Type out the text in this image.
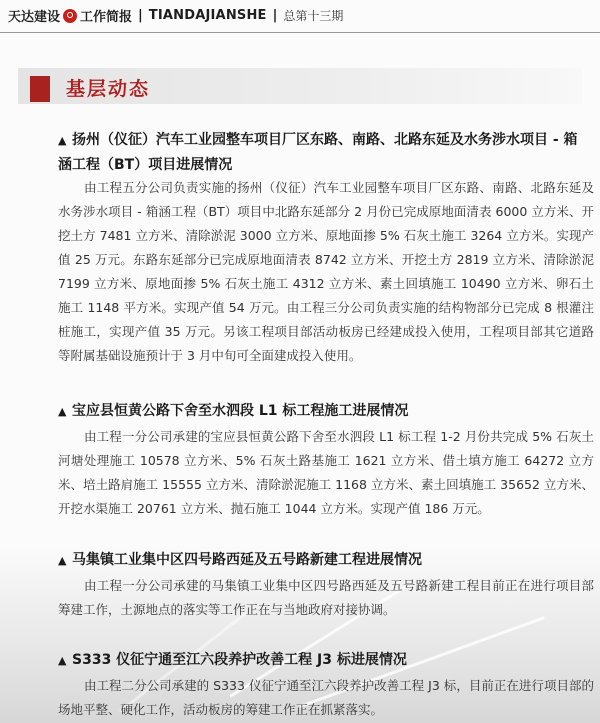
天达建设 工作简报 | TIANDAJIANSHE | 总第十三期
基层动态
▲ 扬州（仪征）汽车工业园整车项目厂区东路、南路、北路东延及水务涉水项目 - 箱涵工程（BT）项目进展情况
由工程五分公司负责实施的扬州（仪征）汽车工业园整车项目厂区东路、南路、北路东延及水务涉水项目 - 箱涵工程（BT）项目中北路东延部分 2 月份已完成原地面清表 6000 立方米、开挖土方 7481 立方米、清除淤泥 3000 立方米、原地面掺 5% 石灰土施工 3264 立方米。实现产值 25 万元。东路东延部分已完成原地面清表 8742 立方米、开挖土方 2819 立方米、清除淤泥 7199 立方米、原地面掺 5% 石灰土施工 4312 立方米、素土回填施工 10490 立方米、卵石土施工 1148 平方米。实现产值 54 万元。由工程三分公司负责实施的结构物部分已完成 8 根灌注桩施工，实现产值 35 万元。另该工程项目部活动板房已经建成投入使用，工程项目部其它道路等附属基础设施预计于 3 月中旬可全面建成投入使用。
▲ 宝应县恒黄公路下舍至水泗段 L1 标工程施工进展情况
由工程一分公司承建的宝应县恒黄公路下舍至水泗段 L1 标工程 1-2 月份共完成 5% 石灰土河塘处理施工 10578 立方米、5% 石灰土路基施工 1621 立方米、借土填方施工 64272 立方米、培土路肩施工 15555 立方米、清除淤泥施工 1168 立方米、素土回填施工 35652 立方米、开挖水渠施工 20761 立方米、抛石施工 1044 立方米。实现产值 186 万元。
▲ 马集镇工业集中区四号路西延及五号路新建工程进展情况
由工程一分公司承建的马集镇工业集中区四号路西延及五号路新建工程目前正在进行项目部筹建工作，土源地点的落实等工作正在与当地政府对接协调。
▲ S333 仪征宁通至江六段养护改善工程 J3 标进展情况
由工程二分公司承建的 S333 仪征宁通至江六段养护改善工程 J3 标，目前正在进行项目部的场地平整、硬化工作，活动板房的筹建工作正在抓紧落实。
